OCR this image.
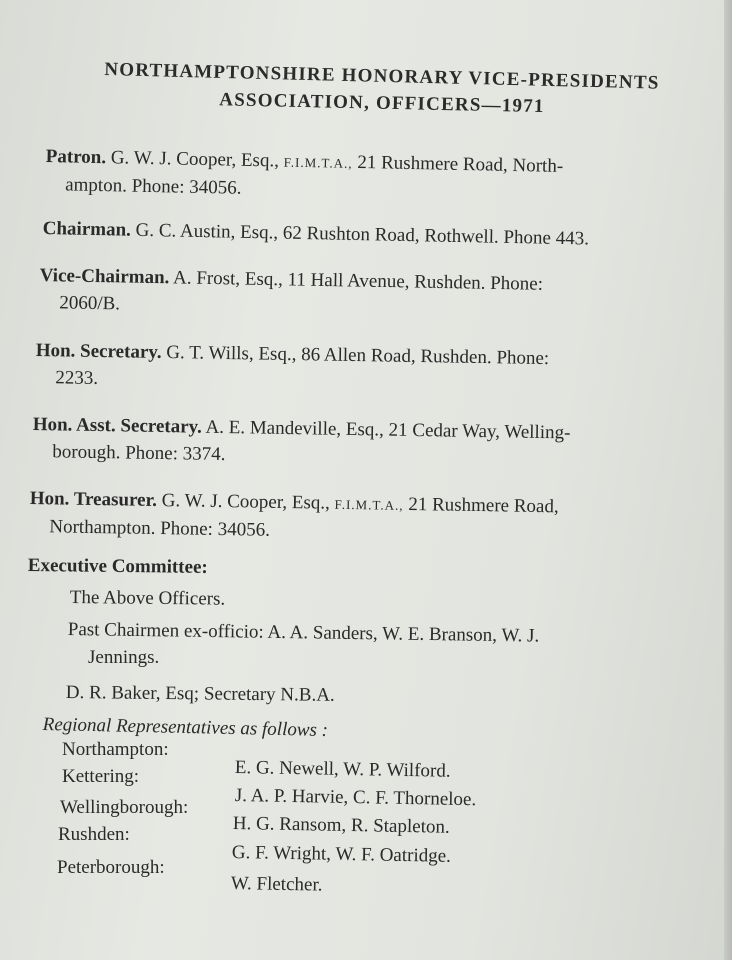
NORTHAMPTONSHIRE HONORARY VICE-PRESIDENTS
ASSOCIATION, OFFICERS—1971
Patron. G. W. J. Cooper, Esq., F.I.M.T.A., 21 Rushmere Road, North-
ampton. Phone: 34056.
Chairman. G. C. Austin, Esq., 62 Rushton Road, Rothwell. Phone 443.
Vice-Chairman. A. Frost, Esq., 11 Hall Avenue, Rushden. Phone:
2060/B.
Hon. Secretary. G. T. Wills, Esq., 86 Allen Road, Rushden. Phone:
2233.
Hon. Asst. Secretary. A. E. Mandeville, Esq., 21 Cedar Way, Welling-
borough. Phone: 3374.
Hon. Treasurer. G. W. J. Cooper, Esq., F.I.M.T.A., 21 Rushmere Road,
Northampton. Phone: 34056.
Executive Committee:
The Above Officers.
Past Chairmen ex-officio: A. A. Sanders, W. E. Branson, W. J.
Jennings.
D. R. Baker, Esq; Secretary N.B.A.
Regional Representatives as follows :
Northampton:
E. G. Newell, W. P. Wilford.
Kettering:
J. A. P. Harvie, C. F. Thorneloe.
Wellingborough:
H. G. Ransom, R. Stapleton.
Rushden:
G. F. Wright, W. F. Oatridge.
Peterborough:
W. Fletcher.
